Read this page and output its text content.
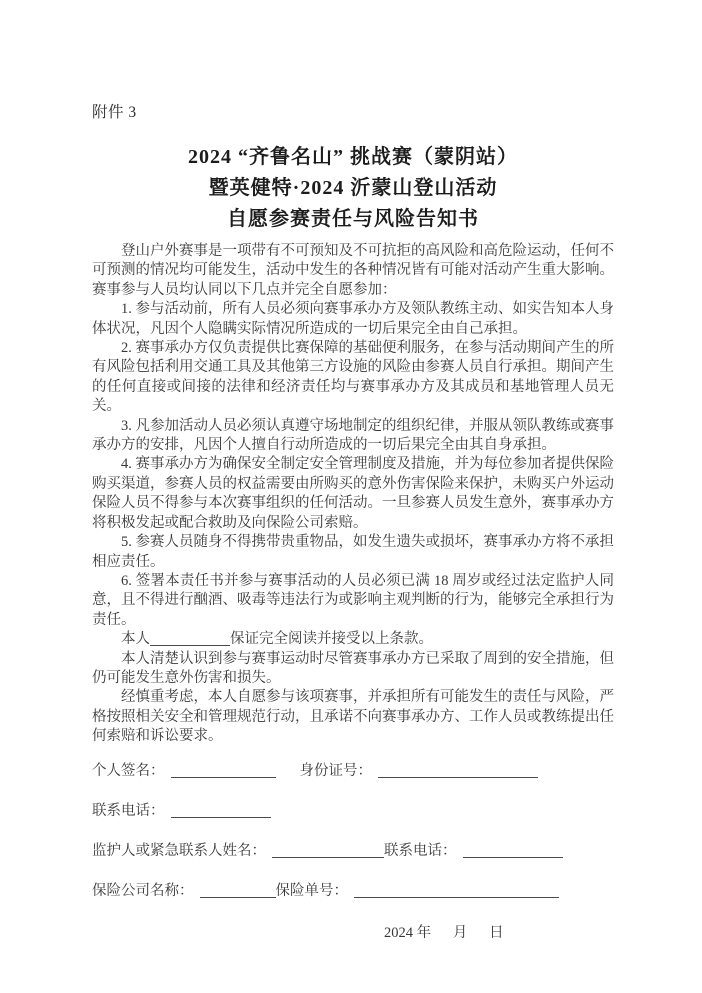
附件 3
2024 “齐鲁名山” 挑战赛（蒙阴站）
暨英健特·2024 沂蒙山登山活动
自愿参赛责任与风险告知书

登山户外赛事是一项带有不可预知及不可抗拒的高风险和高危险运动，任何不可预测的情况均可能发生，活动中发生的各种情况皆有可能对活动产生重大影响。赛事参与人员均认同以下几点并完全自愿参加：

1. 参与活动前，所有人员必须向赛事承办方及领队教练主动、如实告知本人身体状况，凡因个人隐瞒实际情况所造成的一切后果完全由自己承担。

2. 赛事承办方仅负责提供比赛保障的基础便利服务，在参与活动期间产生的所有风险包括利用交通工具及其他第三方设施的风险由参赛人员自行承担。期间产生的任何直接或间接的法律和经济责任均与赛事承办方及其成员和基地管理人员无关。

3. 凡参加活动人员必须认真遵守场地制定的组织纪律，并服从领队教练或赛事承办方的安排，凡因个人擅自行动所造成的一切后果完全由其自身承担。

4. 赛事承办方为确保安全制定安全管理制度及措施，并为每位参加者提供保险购买渠道，参赛人员的权益需要由所购买的意外伤害保险来保护，未购买户外运动保险人员不得参与本次赛事组织的任何活动。一旦参赛人员发生意外，赛事承办方将积极发起或配合救助及向保险公司索赔。

5. 参赛人员随身不得携带贵重物品，如发生遗失或损坏，赛事承办方将不承担相应责任。

6. 签署本责任书并参与赛事活动的人员必须已满 18 周岁或经过法定监护人同意，且不得进行酗酒、吸毒等违法行为或影响主观判断的行为，能够完全承担行为责任。

本人	保证完全阅读并接受以上条款。

本人清楚认识到参与赛事运动时尽管赛事承办方已采取了周到的安全措施，但仍可能发生意外伤害和损失。

经慎重考虑，本人自愿参与该项赛事，并承担所有可能发生的责任与风险，严格按照相关安全和管理规范行动，且承诺不向赛事承办方、工作人员或教练提出任何索赔和诉讼要求。

个人签名：	身份证号：
联系电话：
监护人或紧急联系人姓名：	联系电话：
保险公司名称：	保险单号：
2024 年      月      日
